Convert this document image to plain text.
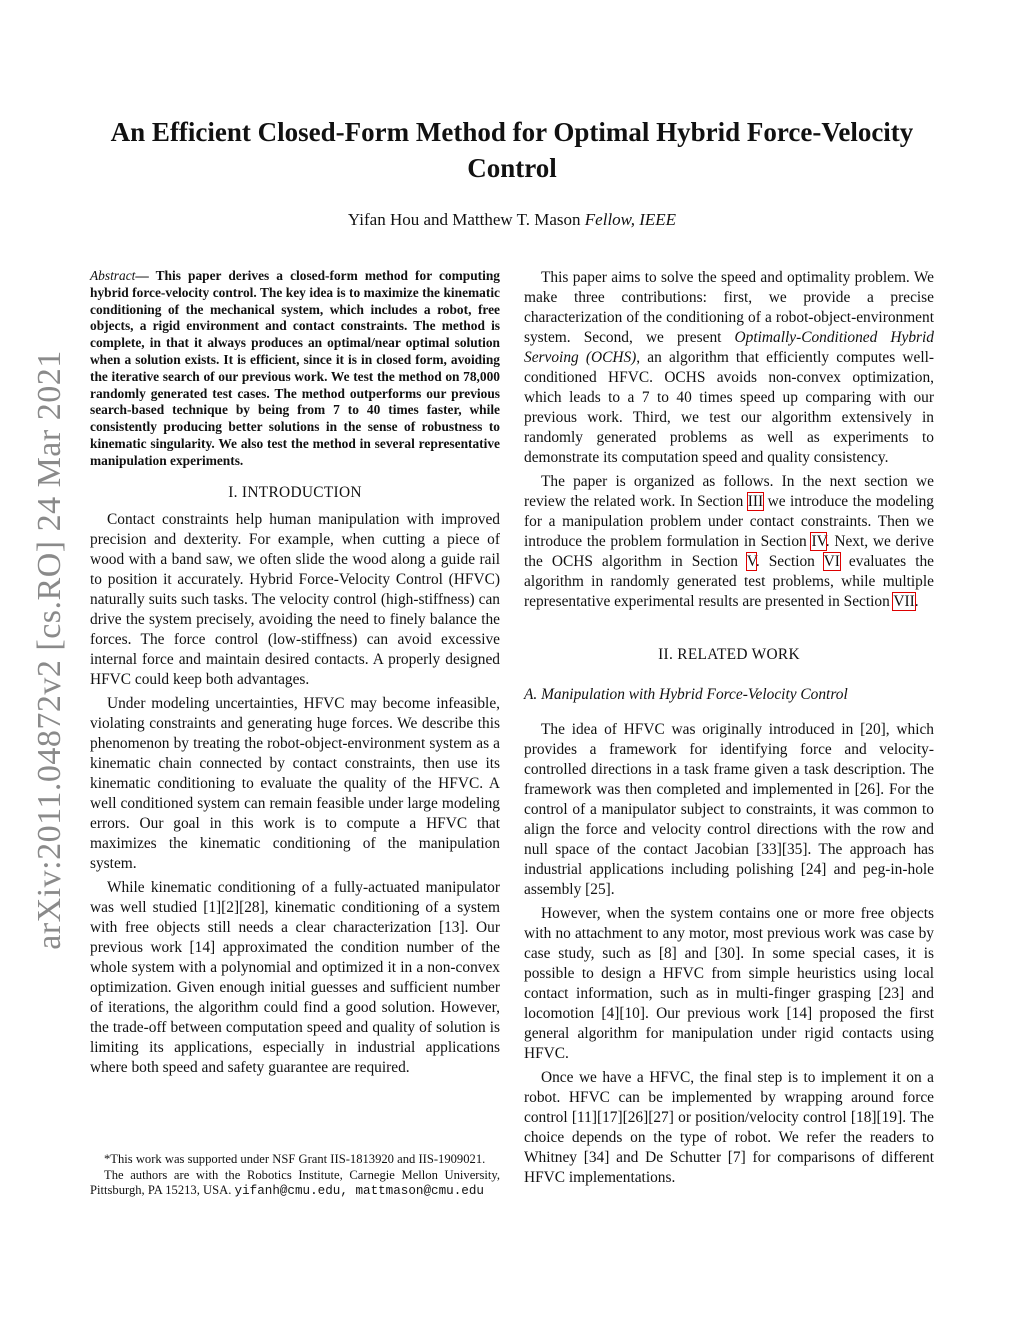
arXiv:2011.04872v2 [cs.RO] 24 Mar 2021
An Efficient Closed-Form Method for Optimal Hybrid Force-Velocity Control
Yifan Hou and Matthew T. Mason Fellow, IEEE

Abstract— This paper derives a closed-form method for computing hybrid force-velocity control. The key idea is to maximize the kinematic conditioning of the mechanical system, which includes a robot, free objects, a rigid environment and contact constraints. The method is complete, in that it always produces an optimal/near optimal solution when a solution exists. It is efficient, since it is in closed form, avoiding the iterative search of our previous work. We test the method on 78,000 randomly generated test cases. The method outperforms our previous search-based technique by being from 7 to 40 times faster, while consistently producing better solutions in the sense of robustness to kinematic singularity. We also test the method in several representative manipulation experiments.

I. INTRODUCTION

Contact constraints help human manipulation with improved precision and dexterity. For example, when cutting a piece of wood with a band saw, we often slide the wood along a guide rail to position it accurately. Hybrid Force-Velocity Control (HFVC) naturally suits such tasks. The velocity control (high-stiffness) can drive the system precisely, avoiding the need to finely balance the forces. The force control (low-stiffness) can avoid excessive internal force and maintain desired contacts. A properly designed HFVC could keep both advantages.

Under modeling uncertainties, HFVC may become infeasible, violating constraints and generating huge forces. We describe this phenomenon by treating the robot-object-environment system as a kinematic chain connected by contact constraints, then use its kinematic conditioning to evaluate the quality of the HFVC. A well conditioned system can remain feasible under large modeling errors. Our goal in this work is to compute a HFVC that maximizes the kinematic conditioning of the manipulation system.

While kinematic conditioning of a fully-actuated manipulator was well studied [1][2][28], kinematic conditioning of a system with free objects still needs a clear characterization [13]. Our previous work [14] approximated the condition number of the whole system with a polynomial and optimized it in a non-convex optimization. Given enough initial guesses and sufficient number of iterations, the algorithm could find a good solution. However, the trade-off between computation speed and quality of solution is limiting its applications, especially in industrial applications where both speed and safety guarantee are required.

*This work was supported under NSF Grant IIS-1813920 and IIS-1909021.

The authors are with the Robotics Institute, Carnegie Mellon University, Pittsburgh, PA 15213, USA. yifanh@cmu.edu, mattmason@cmu.edu

This paper aims to solve the speed and optimality problem. We make three contributions: first, we provide a precise characterization of the conditioning of a robot-object-environment system. Second, we present Optimally-Conditioned Hybrid Servoing (OCHS), an algorithm that efficiently computes well-conditioned HFVC. OCHS avoids non-convex optimization, which leads to a 7 to 40 times speed up comparing with our previous work. Third, we test our algorithm extensively in randomly generated problems as well as experiments to demonstrate its computation speed and quality consistency.

The paper is organized as follows. In the next section we review the related work. In Section III we introduce the modeling for a manipulation problem under contact constraints. Then we introduce the problem formulation in Section IV. Next, we derive the OCHS algorithm in Section V. Section VI evaluates the algorithm in randomly generated test problems, while multiple representative experimental results are presented in Section VII.

II. RELATED WORK
A. Manipulation with Hybrid Force-Velocity Control

The idea of HFVC was originally introduced in [20], which provides a framework for identifying force and velocity-controlled directions in a task frame given a task description. The framework was then completed and implemented in [26]. For the control of a manipulator subject to constraints, it was common to align the force and velocity control directions with the row and null space of the contact Jacobian [33][35]. The approach has industrial applications including polishing [24] and peg-in-hole assembly [25].

However, when the system contains one or more free objects with no attachment to any motor, most previous work was case by case study, such as [8] and [30]. In some special cases, it is possible to design a HFVC from simple heuristics using local contact information, such as in multi-finger grasping [23] and locomotion [4][10]. Our previous work [14] proposed the first general algorithm for manipulation under rigid contacts using HFVC.

Once we have a HFVC, the final step is to implement it on a robot. HFVC can be implemented by wrapping around force control [11][17][26][27] or position/velocity control [18][19]. The choice depends on the type of robot. We refer the readers to Whitney [34] and De Schutter [7] for comparisons of different HFVC implementations.
